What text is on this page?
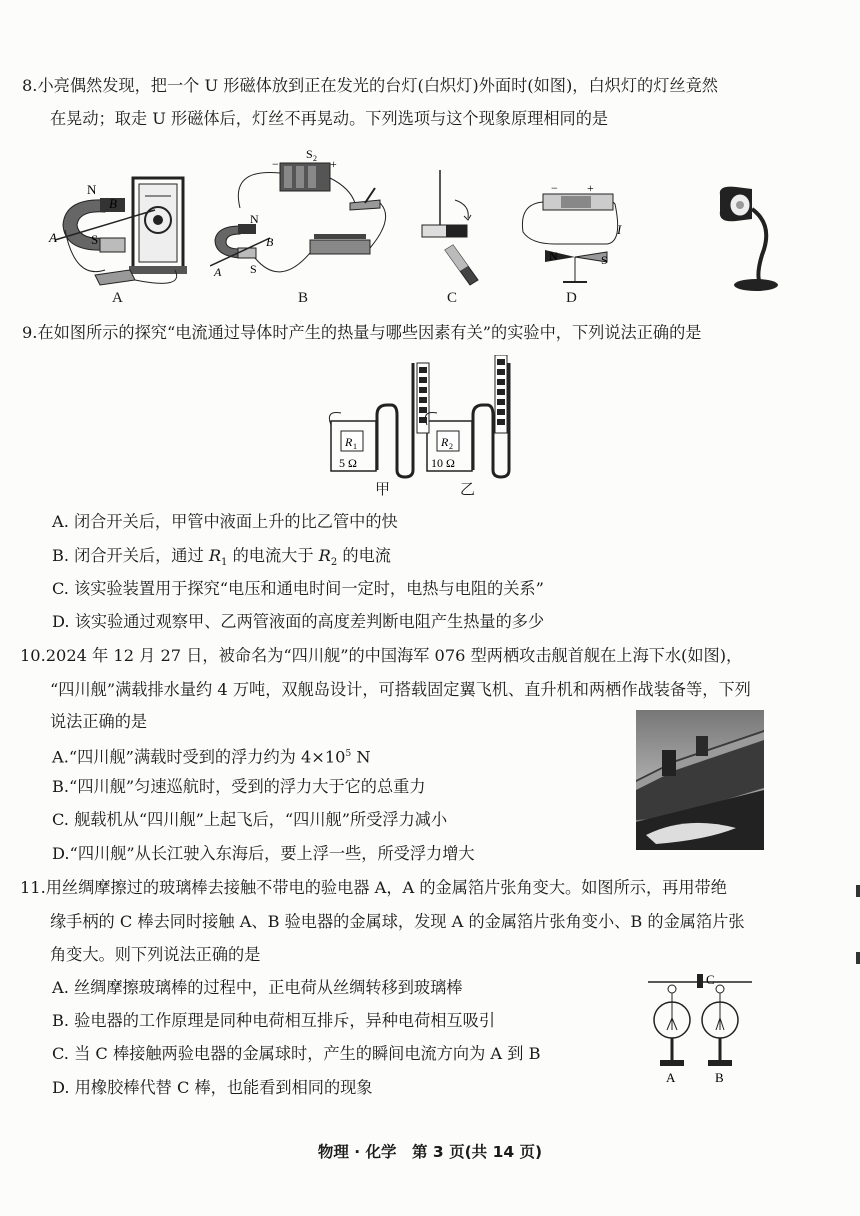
8.小亮偶然发现，把一个 U 形磁体放到正在发光的台灯(白炽灯)外面时(如图)，白炽灯的灯丝竟然
在晃动；取走 U 形磁体后，灯丝不再晃动。下列选项与这个现象原理相同的是
N
B
A	S
A
S 2
−	+
N
S
A
B
B	C
− +
N	S
I
D
9.在如图所示的探究“电流通过导体时产生的热量与哪些因素有关”的实验中，下列说法正确的是
R 1
5 Ω
R 2
10 Ω
甲	乙
A. 闭合开关后，甲管中液面上升的比乙管中的快
B. 闭合开关后，通过 $R_1$ 的电流大于 $R_2$ 的电流
C. 该实验装置用于探究“电压和通电时间一定时，电热与电阻的关系”
D. 该实验通过观察甲、乙两管液面的高度差判断电阻产生热量的多少
10.2024 年 12 月 27 日，被命名为“四川舰”的中国海军 076 型两栖攻击舰首舰在上海下水(如图)，
“四川舰”满载排水量约 4 万吨，双舰岛设计，可搭载固定翼飞机、直升机和两栖作战装备等，下列
说法正确的是
A.“四川舰”满载时受到的浮力约为 $4\times 10^5$ N
B.“四川舰”匀速巡航时，受到的浮力大于它的总重力
C. 舰载机从“四川舰”上起飞后，“四川舰”所受浮力减小
D.“四川舰”从长江驶入东海后，要上浮一些，所受浮力增大
11.用丝绸摩擦过的玻璃棒去接触不带电的验电器 A，A 的金属箔片张角变大。如图所示，再用带绝
缘手柄的 C 棒去同时接触 A、B 验电器的金属球，发现 A 的金属箔片张角变小、B 的金属箔片张
角变大。则下列说法正确的是
A. 丝绸摩擦玻璃棒的过程中，正电荷从丝绸转移到玻璃棒
B. 验电器的工作原理是同种电荷相互排斥，异种电荷相互吸引
C. 当 C 棒接触两验电器的金属球时，产生的瞬间电流方向为 A 到 B
D. 用橡胶棒代替 C 棒，也能看到相同的现象
C
A	B
物理 · 化学　第 3 页(共 14 页)
